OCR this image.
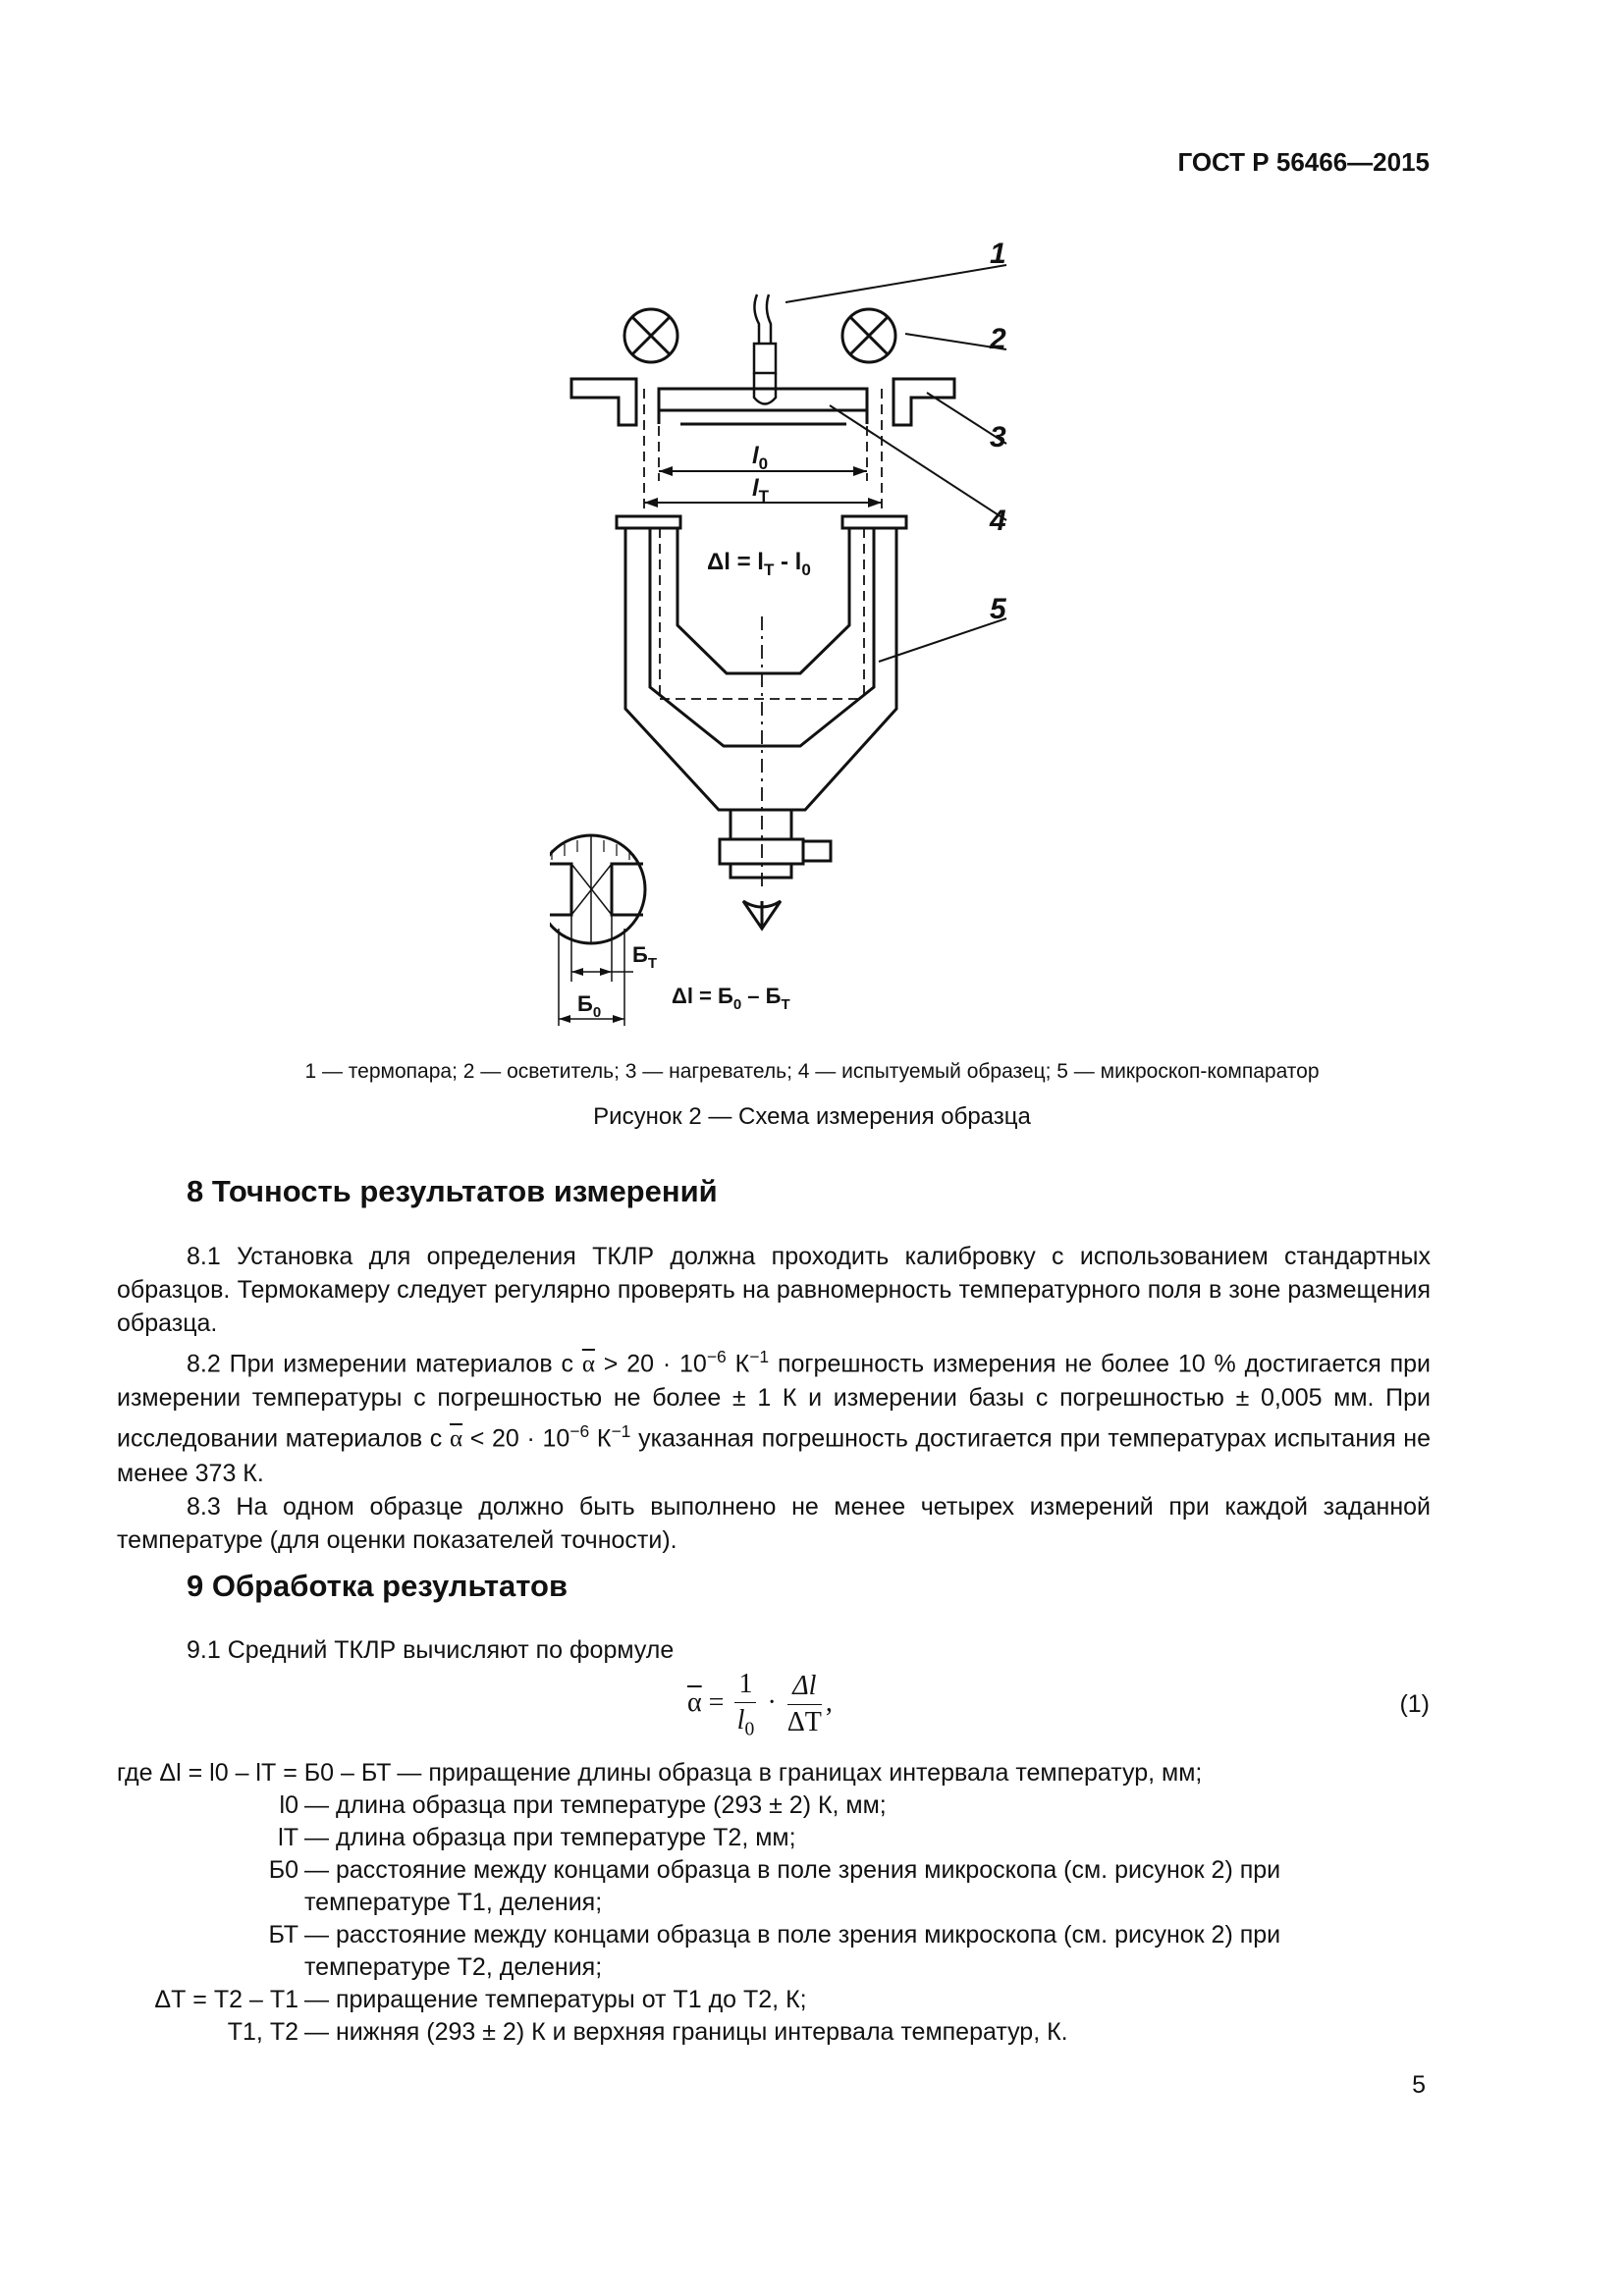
ГОСТ Р 56466—2015
1
2
3
4
5
$l_0$
$l_Т$
$\Delta l = l_Т - l_0$
$Б_Т$
$Б_0$
$\Delta l = Б_0 - Б_Т$
1 — термопара; 2 — осветитель; 3 — нагреватель; 4 — испытуемый образец; 5 — микроскоп-компаратор
Рисунок 2 — Схема измерения образца
8 Точность результатов измерений

8.1 Установка для определения ТКЛР должна проходить калибровку с использованием стандартных образцов. Термокамеру следует регулярно проверять на равномерность температурного поля в зоне размещения образца.

8.2 При измерении материалов с $\overline{\alpha} > 20 \cdot 10^{-6}$ $К^{-1}$ погрешность измерения не более 10 % достигается при измерении температуры с погрешностью не более ± 1 К и измерении базы с погрешностью ± 0,005 мм. При исследовании материалов с $\overline{\alpha} < 20 \cdot 10^{-6}$ $К^{-1}$ указанная погрешность достигается при температурах испытания не менее 373 К.

8.3 На одном образце должно быть выполнено не менее четырех измерений при каждой заданной температуре (для оценки показателей точности).

9 Обработка результатов

9.1 Средний ТКЛР вычисляют по формуле

$\overline{\alpha} = \frac{1}{l_0} \cdot \frac{\Delta l}{\Delta Т}$ ,	(1)
где Δl = l0 – lТ = Б0 – БТ — приращение длины образца в границах интервала температур, мм;
l0 — длина образца при температуре (293 ± 2) К, мм;
lТ — длина образца при температуре Т2, мм;
Б0 — расстояние между концами образца в поле зрения микроскопа (см. рисунок 2) при температуре Т1, деления;
БТ — расстояние между концами образца в поле зрения микроскопа (см. рисунок 2) при температуре Т2, деления;
ΔТ = Т2 – Т1 — приращение температуры от Т1 до Т2, К;
Т1, Т2 — нижняя (293 ± 2) К и верхняя границы интервала температур, К.
5
